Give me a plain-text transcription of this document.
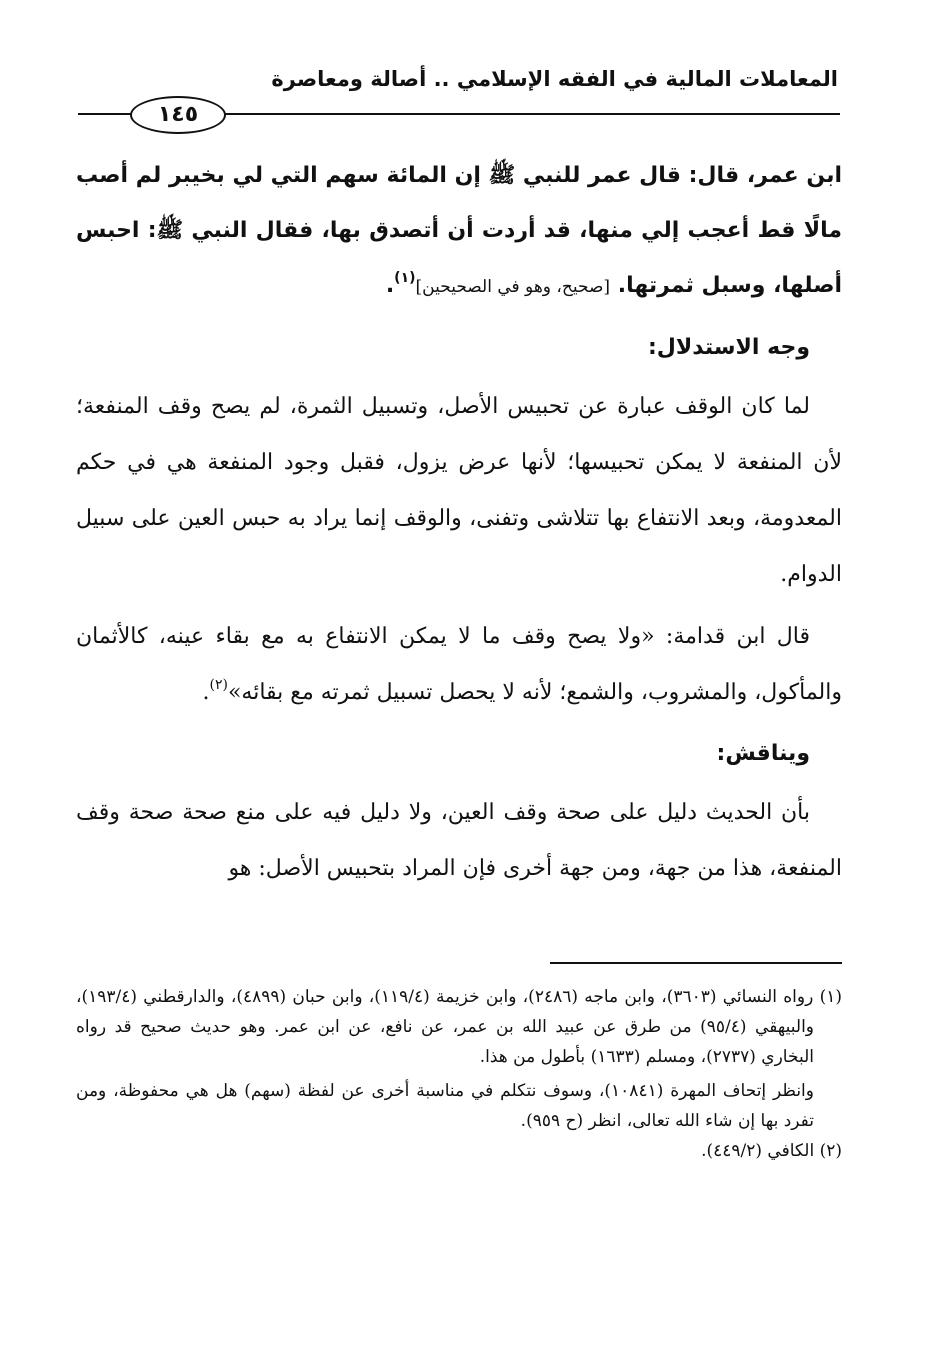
المعاملات المالية في الفقه الإسلامي .. أصالة ومعاصرة
١٤٥

ابن عمر، قال: قال عمر للنبي ﷺ إن المائة سهم التي لي بخيبر لم أصب مالًا قط أعجب إلي منها، قد أردت أن أتصدق بها، فقال النبي ﷺ: احبس أصلها، وسبل ثمرتها. [صحيح، وهو في الصحيحين]$^{(١)}$.

وجه الاستدلال:

لما كان الوقف عبارة عن تحبيس الأصل، وتسبيل الثمرة، لم يصح وقف المنفعة؛ لأن المنفعة لا يمكن تحبيسها؛ لأنها عرض يزول، فقبل وجود المنفعة هي في حكم المعدومة، وبعد الانتفاع بها تتلاشى وتفنى، والوقف إنما يراد به حبس العين على سبيل الدوام.

قال ابن قدامة: «ولا يصح وقف ما لا يمكن الانتفاع به مع بقاء عينه، كالأثمان والمأكول، والمشروب، والشمع؛ لأنه لا يحصل تسبيل ثمرته مع بقائه»$^{(٢)}$.

ويناقش:

بأن الحديث دليل على صحة وقف العين، ولا دليل فيه على منع صحة صحة وقف المنفعة، هذا من جهة، ومن جهة أخرى فإن المراد بتحبيس الأصل: هو

(١) رواه النسائي (٣٦٠٣)، وابن ماجه (٢٤٨٦)، وابن خزيمة (١١٩/٤)، وابن حبان (٤٨٩٩)، والدارقطني (١٩٣/٤)، والبيهقي (٩٥/٤) من طرق عن عبيد الله بن عمر، عن نافع، عن ابن عمر. وهو حديث صحيح قد رواه البخاري (٢٧٣٧)، ومسلم (١٦٣٣) بأطول من هذا.

وانظر إتحاف المهرة (١٠٨٤١)، وسوف نتكلم في مناسبة أخرى عن لفظة (سهم) هل هي محفوظة، ومن تفرد بها إن شاء الله تعالى، انظر (ح ٩٥٩).

(٢) الكافي (٤٤٩/٢).
